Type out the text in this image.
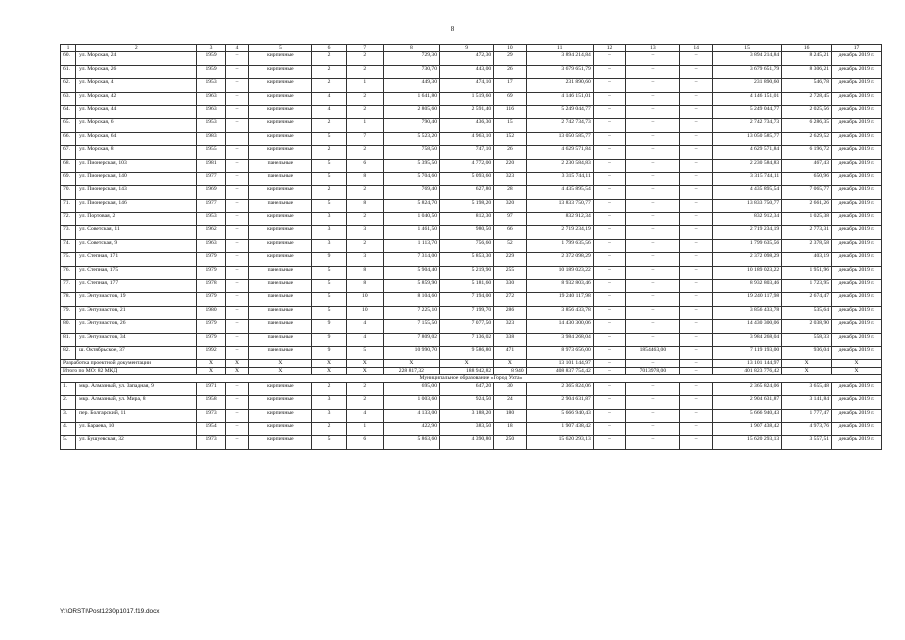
8
1	2	3	4	5	6	7	8	9	10	11	12	13	14	15	16	17
60.	ул. Морская, 24	1959	–	кирпичные	2	2	729,30	472,30	29	3 894 214,84	–	–	–	3 894 214,84	8 245,21	декабрь 2019 г.
61.	ул. Морская, 26	1959	–	кирпичные	2	2	730,70	443,00	26	3 679 651,79	–	–	–	3 679 651,79	8 306,21	декабрь 2019 г.
62.	ул. Морская, 4	1953	–	кирпичные	2	1	449,30	474,10	17	231 890,60	–	–	–	231 890,60	546,78	декабрь 2019 г.
63.	ул. Морская, 42	1963	–	кирпичные	4	2	1 641,80	1 519,60	69	4 146 151,01	–	–	–	4 146 151,01	2 728,45	декабрь 2019 г.
64.	ул. Морская, 44	1963	–	кирпичные	4	2	2 805,60	2 591,40	116	5 249 044,77	–	–	–	5 249 044,77	2 025,56	декабрь 2019 г.
65.	ул. Морская, 6	1953	–	кирпичные	2	1	790,40	436,30	15	2 742 734,73	–	–	–	2 742 734,73	6 286,35	декабрь 2019 г.
66.	ул. Морская, 64	1983		кирпичные	5	7	5 523,20	4 963,10	152	13 050 585,77	–	–	–	13 050 585,77	2 629,52	декабрь 2019 г.
67.	ул. Морская, 8	1955	–	кирпичные	2	2	758,50	747,10	26	4 629 571,84	–	–	–	4 629 571,84	6 196,72	декабрь 2019 г.
68.	ул. Пионерская, 103	1981	–	панельные	5	6	5 395,50	4 772,00	220	2 230 584,83	–	–	–	2 230 584,83	467,43	декабрь 2019 г.
69.	ул. Пионерская, 140	1977	–	панельные	5	8	5 704,60	5 093,60	323	3 315 744,11	–	–	–	3 315 744,11	650,96	декабрь 2019 г.
70.	ул. Пионерская, 143	1969	–	кирпичные	2	2	769,40	627,80	28	4 435 895,54	–	–	–	4 435 895,54	7 065,77	декабрь 2019 г.
71.	ул. Пионерская, 146	1977	–	панельные	5	8	5 824,70	5 198,20	320	13 833 750,77	–	–	–	13 833 750,77	2 661,26	декабрь 2019 г.
72.	ул. Портовая, 2	1953	–	кирпичные	3	2	1 040,50	812,30	97	832 912,34	–	–	–	832 912,34	1 025,38	декабрь 2019 г.
73.	ул. Советская, 11	1962	–	кирпичные	3	3	1 461,50	980,50	66	2 719 234,19	–	–	–	2 719 234,19	2 773,31	декабрь 2019 г.
74.	ул. Советская, 9	1963	–	кирпичные	3	2	1 113,70	756,60	52	1 799 635,56	–	–	–	1 799 635,56	2 378,58	декабрь 2019 г.
75.	ул. Степная, 171	1979	–	кирпичные	9	3	7 314,00	5 853,30	229	2 372 098,29	–	–	–	2 372 098,29	403,19	декабрь 2019 г.
76.	ул. Степная, 175	1979	–	панельные	5	8	5 904,40	5 219,90	255	10 189 023,22	–	–	–	10 189 023,22	1 951,96	декабрь 2019 г.
77.	ул. Степная, 177	1978	–	панельные	5	8	5 859,90	5 181,60	330	8 932 803,46	–	–	–	8 932 803,46	1 723,95	декабрь 2019 г.
78.	ул. Энтузиастов, 19	1979	–	панельные	5	10	8 104,60	7 194,00	272	19 240 117,98	–	–	–	19 240 117,98	2 674,47	декабрь 2019 г.
79.	ул. Энтузиастов, 21	1980	–	панельные	5	10	7 225,10	7 199,70	286	3 856 433,78	–	–	–	3 856 433,78	535,64	декабрь 2019 г.
80.	ул. Энтузиастов, 26	1979	–	панельные	9	4	7 155,50	7 077,50	323	14 430 300,06	–	–	–	14 430 300,06	2 038,90	декабрь 2019 г.
81.	ул. Энтузиастов, 34	1979	–	панельные	9	4	7 809,02	7 136,02	338	3 984 268,04	–	–	–	3 984 268,04	558,33	декабрь 2019 г.
82.	ш. Октябрьское, 37	1992	–	панельные	9	5	10 990,70	9 586,80	471	8 973 656,00	–	1854463,00	–	7 119 193,00	936,04	декабрь 2019 г.
Разработка проектной документации		X	X	X	X	X	X	X	X	13 101 144,97	–	–	–	13 101 144,97	X	X
Итого по МО: 82 МКД		X	X	X	X	X	228 817,32	188 942,82	8 940	408 837 754,42	–	7013978,00	–	401 823 776,42	X	X
Муниципальное образование «Город Ухта»																
1.	мкр. Алмазный, ул. Западная, 9	1971	–	кирпичные	2	2	695,00	647,20	30	2 365 824,06	–	–	–	2 365 824,06	3 655,48	декабрь 2019 г.
2.	мкр. Алмазный, ул. Мира, 8	1958	–	кирпичные	3	2	1 003,60	924,50	24	2 904 631,87	–	–	–	2 904 631,87	3 141,84	декабрь 2019 г.
3.	пер. Болгарский, 11	1973	–	кирпичные	3	4	4 133,00	3 188,20	180	5 666 940,43	–	–	–	5 666 940,43	1 777,47	декабрь 2019 г.
4.	ул. Бараева, 10	1954	–	кирпичные	2	1	422,90	383,50	18	1 907 438,42	–	–	–	1 907 438,42	4 973,76	декабрь 2019 г.
5.	ул. Бушуевская, 32	1973	–	кирпичные	5	6	5 863,60	4 390,80	250	15 620 293,13	–	–	–	15 620 293,13	3 557,51	декабрь 2019 г.
Y:\ORSTI\Post1230p1017.f19.docx
